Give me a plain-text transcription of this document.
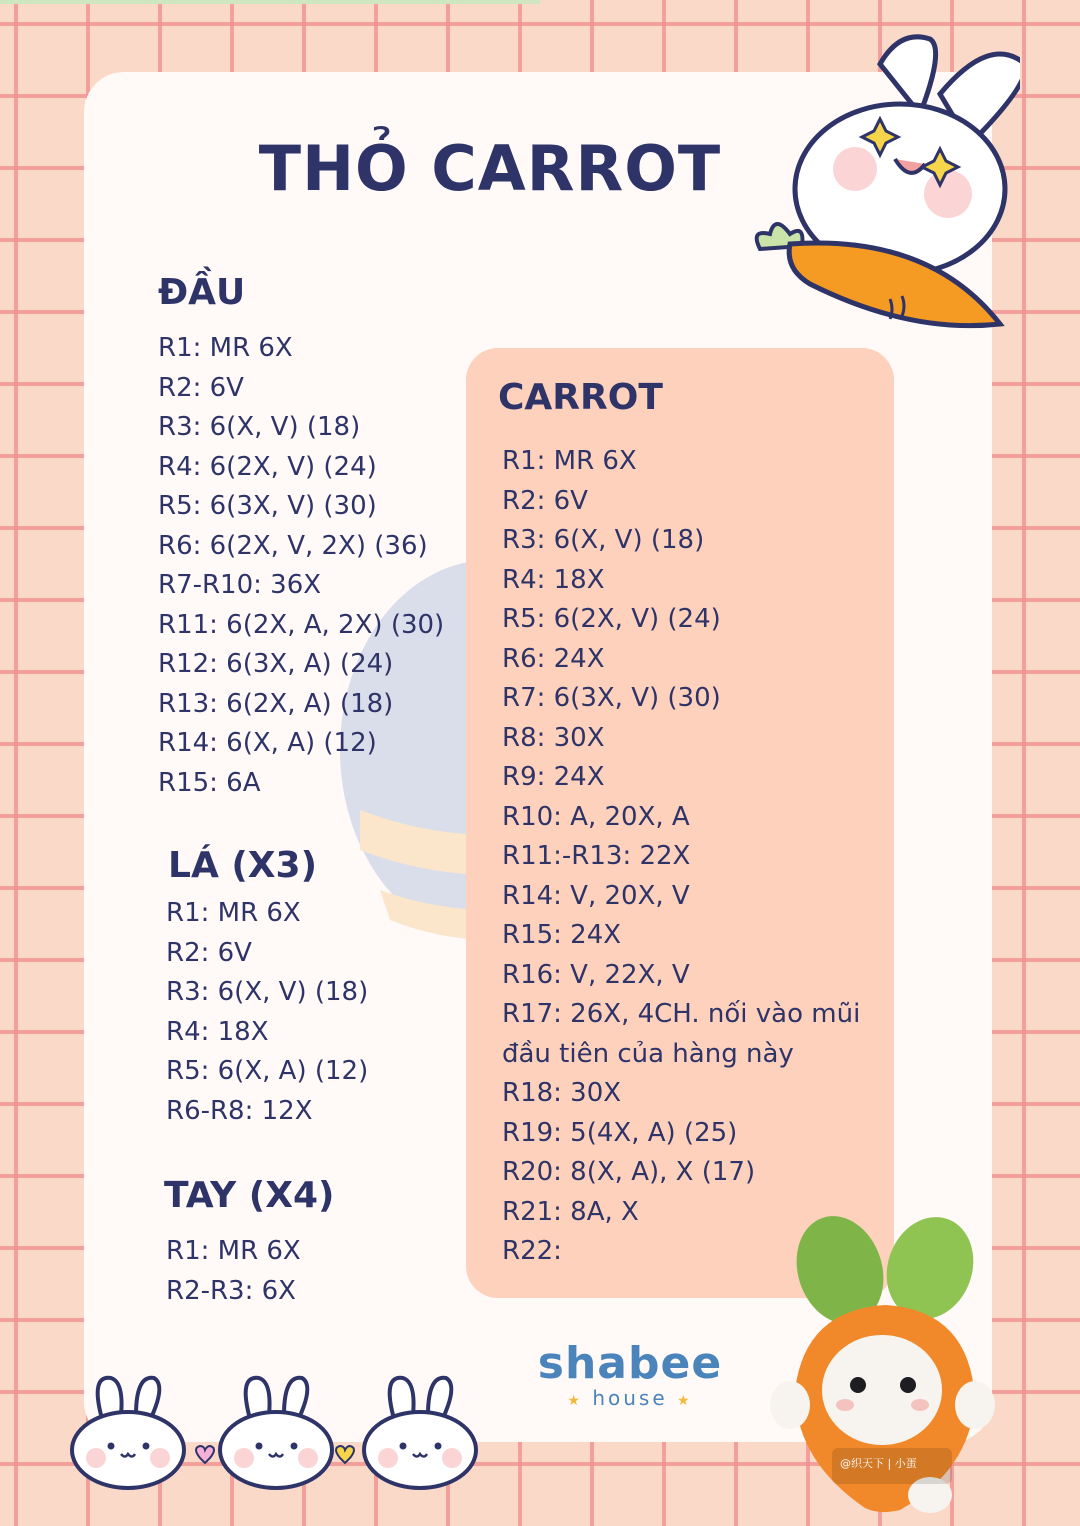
THỎ CARROT
ĐẦU
R1: MR 6X
R2: 6V
R3: 6(X, V) (18)
R4: 6(2X, V) (24)
R5: 6(3X, V) (30)
R6: 6(2X, V, 2X) (36)
R7-R10: 36X
R11: 6(2X, A, 2X) (30)
R12: 6(3X, A) (24)
R13: 6(2X, A) (18)
R14: 6(X, A) (12)
R15: 6A
LÁ (X3)
R1: MR 6X
R2: 6V
R3: 6(X, V) (18)
R4: 18X
R5: 6(X, A) (12)
R6-R8: 12X
TAY (X4)
R1: MR 6X
R2-R3: 6X
CARROT
R1: MR 6X
R2: 6V
R3: 6(X, V) (18)
R4: 18X
R5: 6(2X, V) (24)
R6: 24X
R7: 6(3X, V) (30)
R8: 30X
R9: 24X
R10: A, 20X, A
R11:-R13: 22X
R14: V, 20X, V
R15: 24X
R16: V, 22X, V
R17: 26X, 4CH. nối vào mũi đầu tiên của hàng này
R18: 30X
R19: 5(4X, A) (25)
R20: 8(X, A), X (17)
R21: 8A, X
R22:
shabee
★ house ★
@织天下 | 小蛋
